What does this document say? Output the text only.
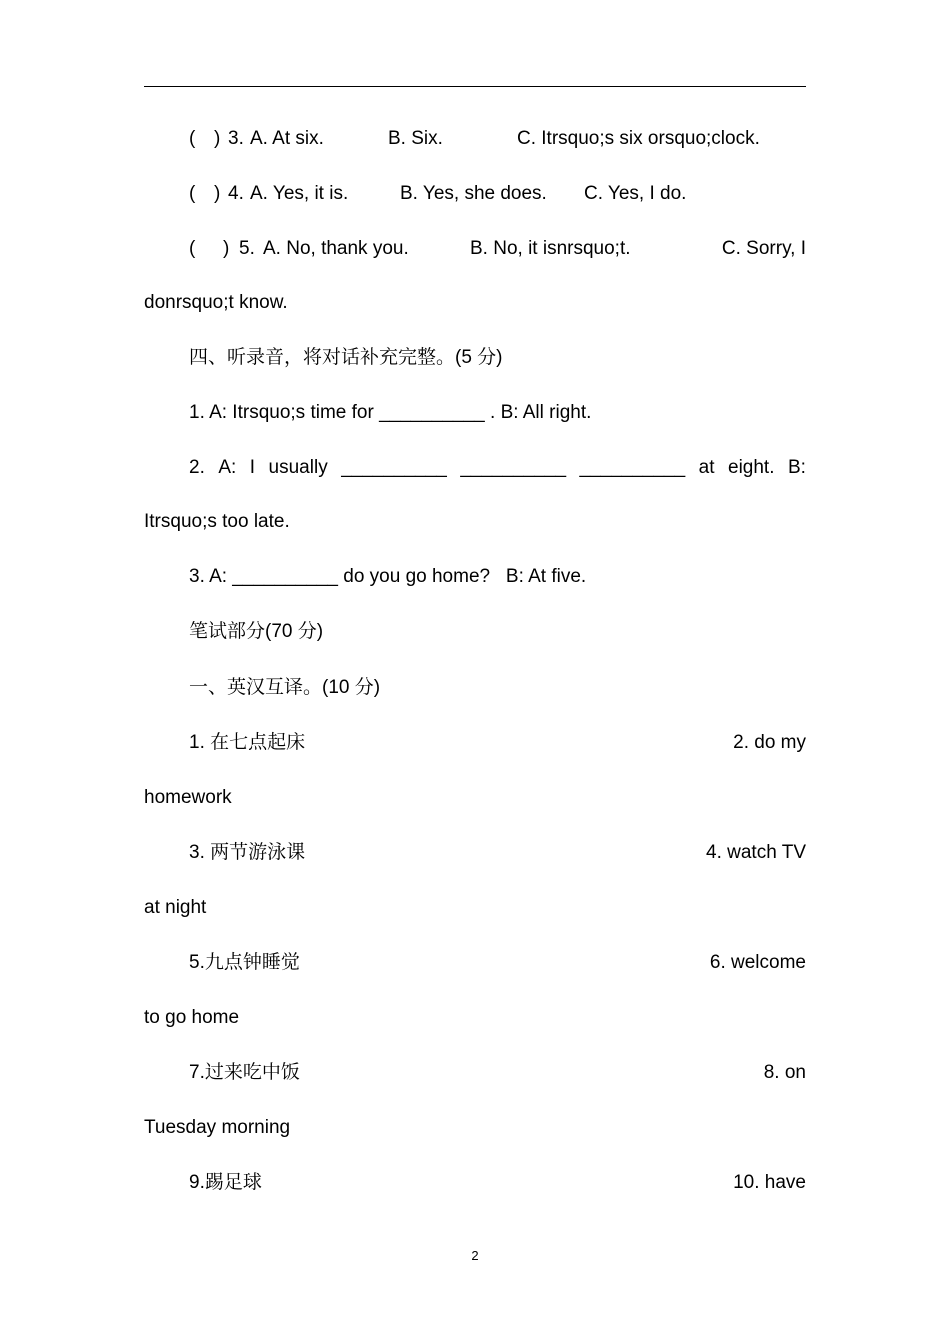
( ) 3. A. At six.	B. Six.	C. Itrsquo;s six orsquo;clock.
( ) 4. A. Yes, it is.	B. Yes, she does. C. Yes, I do.
( ) 5. A. No, thank you.	B. No, it isnrsquo;t.	C. Sorry, I
donrsquo;t know.
四、听录音，将对话补充完整。(5 分)
1. A: Itrsquo;s time for __________ . B: All right.
2. A: I usually __________ __________ __________ at eight. B:
Itrsquo;s too late.
3. A: __________ do you go home?   B: At five.
笔试部分(70 分)
一、英汉互译。(10 分)
1. 在七点起床	2. do my
homework
3. 两节游泳课	4. watch TV
at night
5.九点钟睡觉	6. welcome
to go home
7.过来吃中饭	8. on
Tuesday morning
9.踢足球	10. have
2
